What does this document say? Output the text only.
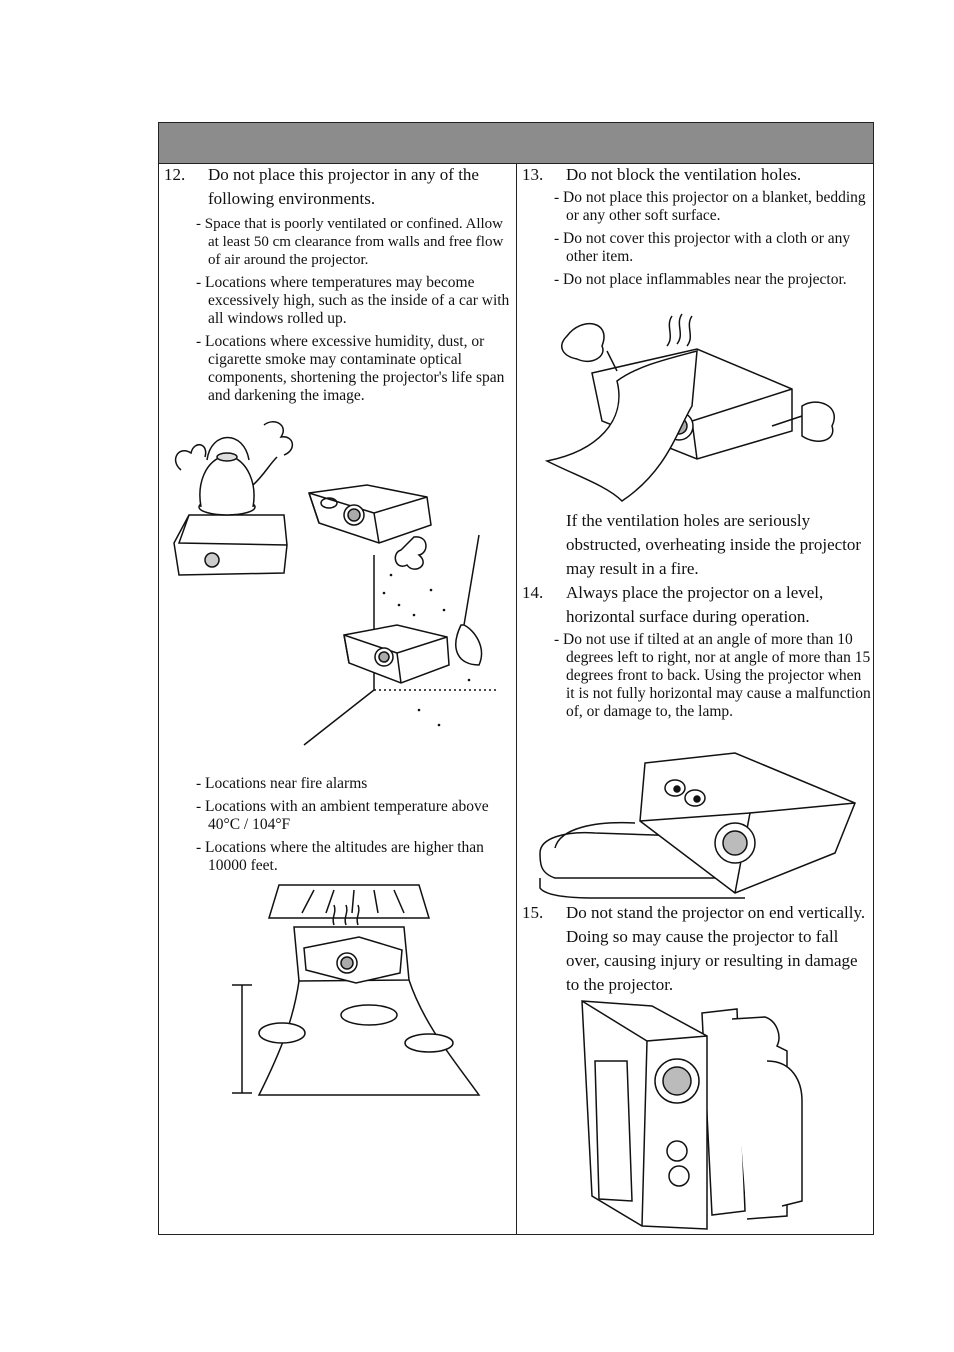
12. Do not place this projector in any of the following environments.
- Space that is poorly ventilated or confined. Allow at least 50 cm clearance from walls and free flow of air around the projector.
- Locations where temperatures may become excessively high, such as the inside of a car with all windows rolled up.
- Locations where excessive humidity, dust, or cigarette smoke may contaminate optical components, shortening the projector's life span and darkening the image.
- Locations near fire alarms
- Locations with an ambient temperature above 40°C / 104°F
- Locations where the altitudes are higher than 10000 feet.
13. Do not block the ventilation holes.
- Do not place this projector on a blanket, bedding or any other soft surface.
- Do not cover this projector with a cloth or any other item.
- Do not place inflammables near the projector.
If the ventilation holes are seriously obstructed, overheating inside the projector may result in a fire.
14. Always place the projector on a level, horizontal surface during operation.
- Do not use if tilted at an angle of more than 10 degrees left to right, nor at angle of more than 15 degrees front to back. Using the projector when it is not fully horizontal may cause a malfunction of, or damage to, the lamp.
15. Do not stand the projector on end vertically. Doing so may cause the projector to fall over, causing injury or resulting in damage to the projector.
